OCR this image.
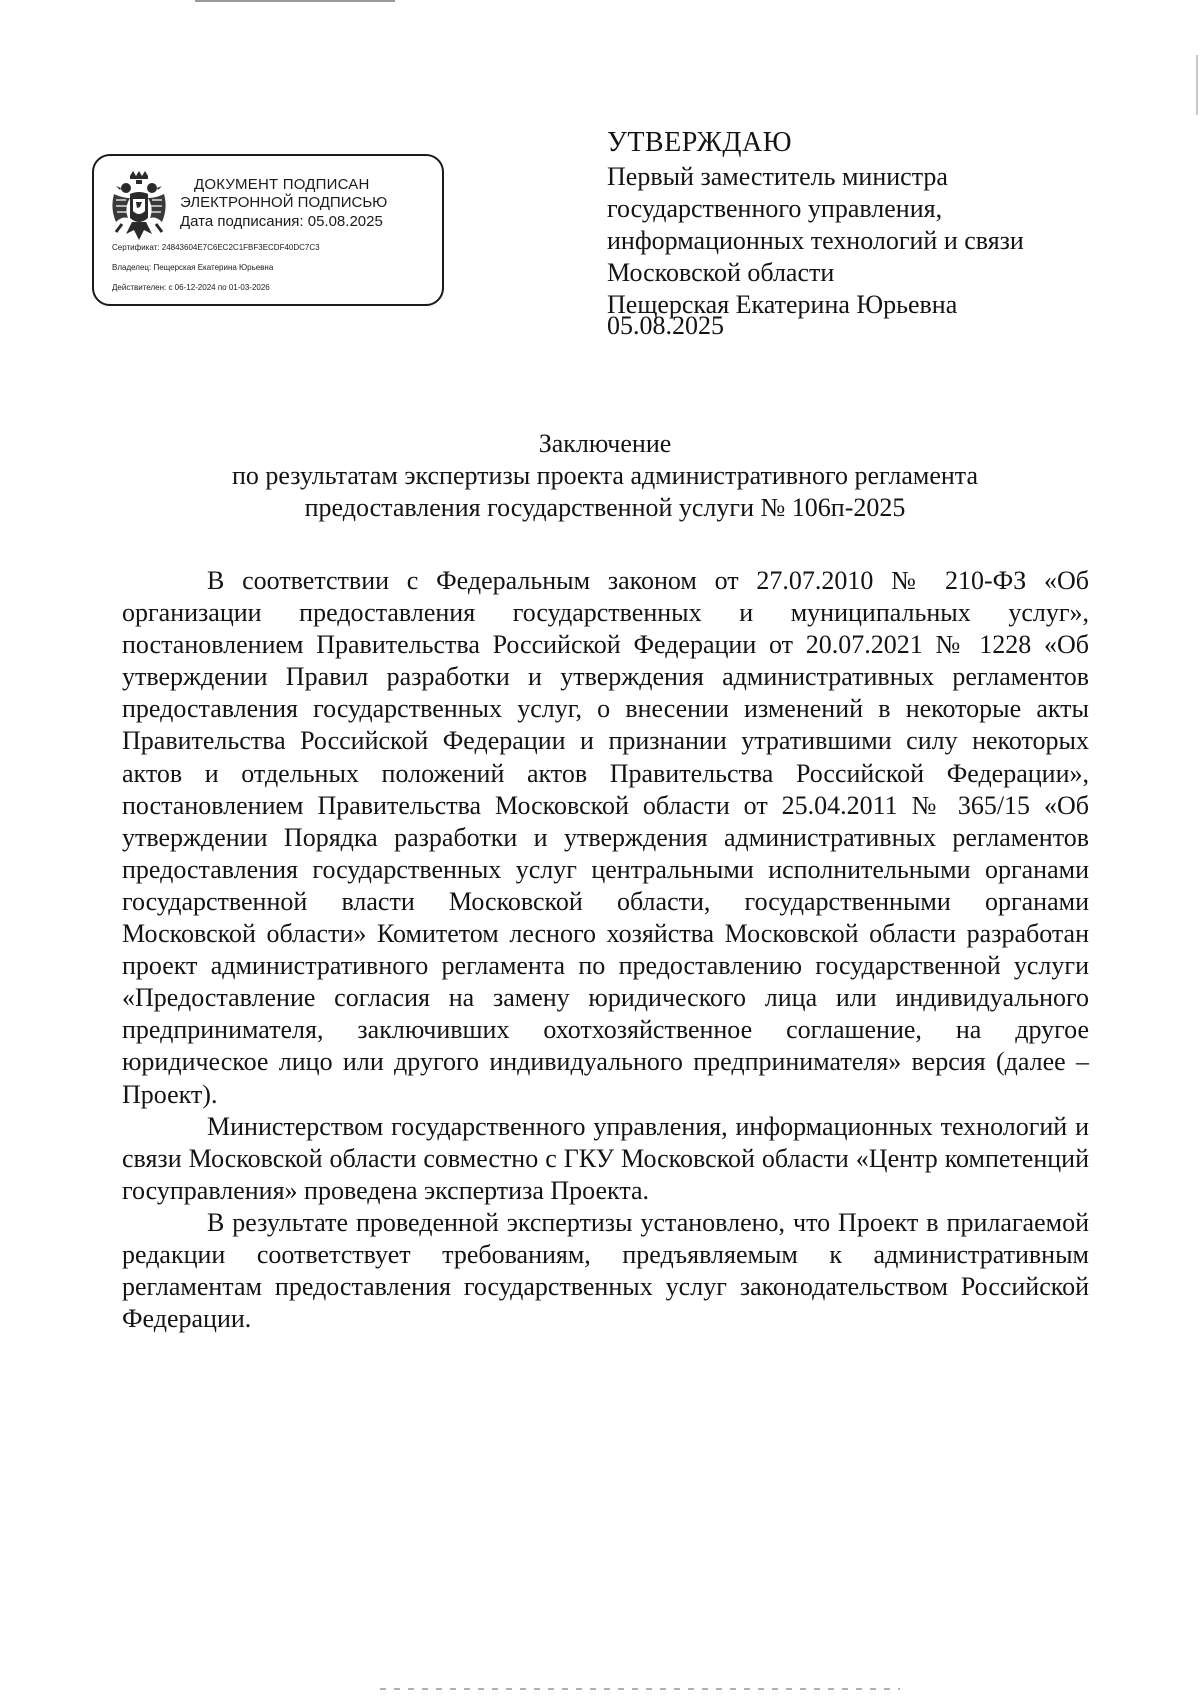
ДОКУМЕНТ ПОДПИСАН
ЭЛЕКТРОННОЙ ПОДПИСЬЮ
Дата подписания: 05.08.2025
Сертификат: 24843604E7C6EC2C1FBF3ECDF40DC7C3
Владелец: Пещерская Екатерина Юрьевна
Действителен: с 06-12-2024 по 01-03-2026
УТВЕРЖДАЮ
Первый заместитель министра
государственного управления,
информационных технологий и связи
Московской области
Пещерская Екатерина Юрьевна
05.08.2025
Заключение
по результатам экспертизы проекта административного регламента
предоставления государственной услуги № 106п-2025

В соответствии с Федеральным законом от 27.07.2010 № 210-ФЗ «Об организации предоставления государственных и муниципальных услуг», постановлением Правительства Российской Федерации от 20.07.2021 № 1228 «Об утверждении Правил разработки и утверждения административных регламентов предоставления государственных услуг, о внесении изменений в некоторые акты Правительства Российской Федерации и признании утратившими силу некоторых актов и отдельных положений актов Правительства Российской Федерации», постановлением Правительства Московской области от 25.04.2011 № 365/15 «Об утверждении Порядка разработки и утверждения административных регламентов предоставления государственных услуг центральными исполнительными органами государственной власти Московской области, государственными органами Московской области» Комитетом лесного хозяйства Московской области разработан проект административного регламента по предоставлению государственной услуги «Предоставление согласия на замену юридического лица или индивидуального предпринимателя, заключивших охотхозяйственное соглашение, на другое юридическое лицо или другого индивидуального предпринимателя» версия (далее – Проект).

Министерством государственного управления, информационных технологий и связи Московской области совместно с ГКУ Московской области «Центр компетенций госуправления» проведена экспертиза Проекта.

В результате проведенной экспертизы установлено, что Проект в прилагаемой редакции соответствует требованиям, предъявляемым к административным регламентам предоставления государственных услуг законодательством Российской Федерации.
